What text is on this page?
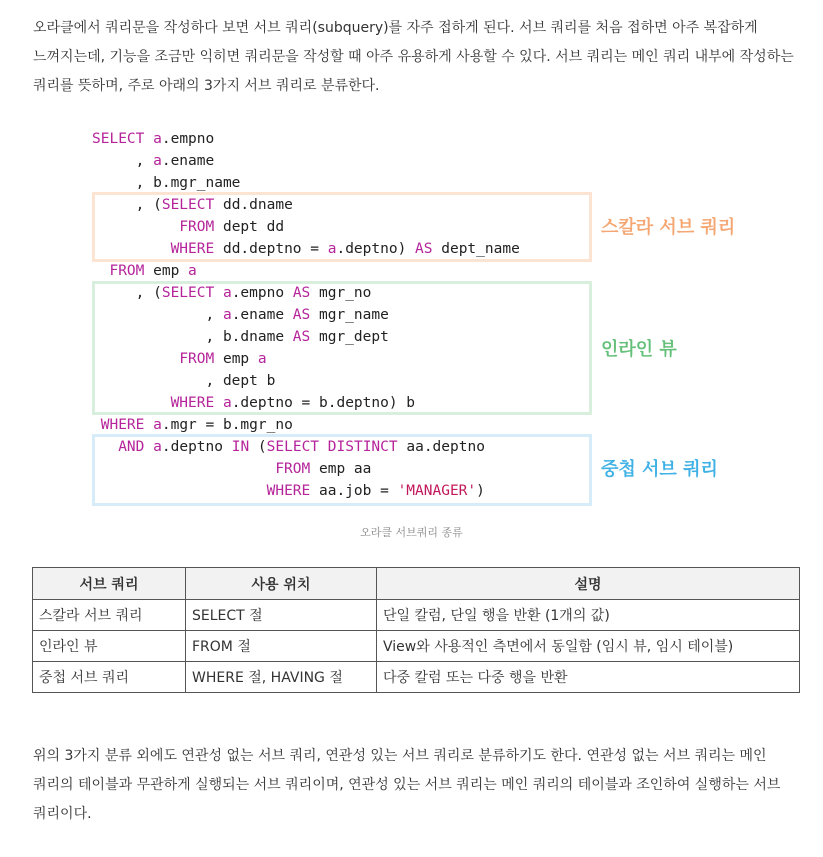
오라클에서 쿼리문을 작성하다 보면 서브 쿼리(subquery)를 자주 접하게 된다. 서브 쿼리를 처음 접하면 아주 복잡하게 느껴지는데, 기능을 조금만 익히면 쿼리문을 작성할 때 아주 유용하게 사용할 수 있다. 서브 쿼리는 메인 쿼리 내부에 작성하는 쿼리를 뜻하며, 주로 아래의 3가지 서브 쿼리로 분류한다.

SELECT a.empno
, a.ename
, b.mgr_name
, (SELECT dd.dname
FROM dept dd
WHERE dd.deptno = a.deptno) AS dept_name
FROM emp a
, (SELECT a.empno AS mgr_no
, a.ename AS mgr_name
, b.dname AS mgr_dept
FROM emp a
, dept b
WHERE a.deptno = b.deptno) b
WHERE a.mgr = b.mgr_no
AND a.deptno IN (SELECT DISTINCT aa.deptno
FROM emp aa
WHERE aa.job = 'MANAGER')
스칼라 서브 쿼리
인라인 뷰
중첩 서브 쿼리
오라클 서브쿼리 종류
서브 쿼리	사용 위치	설명
스칼라 서브 쿼리	SELECT 절	단일 칼럼, 단일 행을 반환 (1개의 값)
인라인 뷰	FROM 절	View와 사용적인 측면에서 동일함 (임시 뷰, 임시 테이블)
중첩 서브 쿼리	WHERE 절, HAVING 절	다중 칼럼 또는 다중 행을 반환

위의 3가지 분류 외에도 연관성 없는 서브 쿼리, 연관성 있는 서브 쿼리로 분류하기도 한다. 연관성 없는 서브 쿼리는 메인 쿼리의 테이블과 무관하게 실행되는 서브 쿼리이며, 연관성 있는 서브 쿼리는 메인 쿼리의 테이블과 조인하여 실행하는 서브 쿼리이다.
